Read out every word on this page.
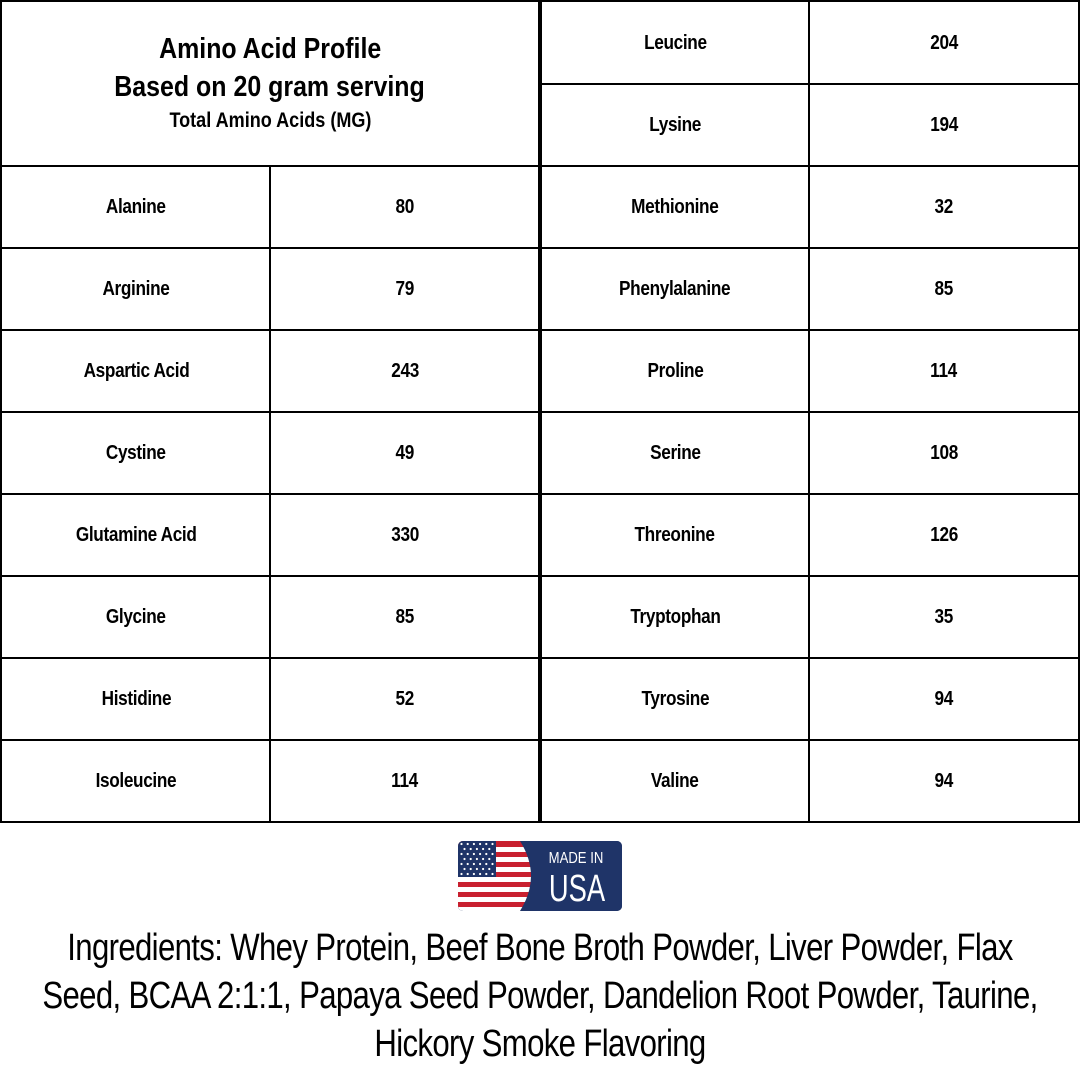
Amino Acid Profile
Based on 20 gram serving
Total Amino Acids (MG)
Leucine	204
Lysine	194
Alanine	80	Methionine	32
Arginine	79	Phenylalanine	85
Aspartic Acid	243	Proline	114
Cystine	49	Serine	108
Glutamine Acid	330	Threonine	126
Glycine	85	Tryptophan	35
Histidine	52	Tyrosine	94
Isoleucine	114	Valine	94
MADE IN
USA
Ingredients: Whey Protein, Beef Bone Broth Powder, Liver Powder, Flax Seed, BCAA 2:1:1, Papaya Seed Powder, Dandelion Root Powder, Taurine, Hickory Smoke Flavoring
